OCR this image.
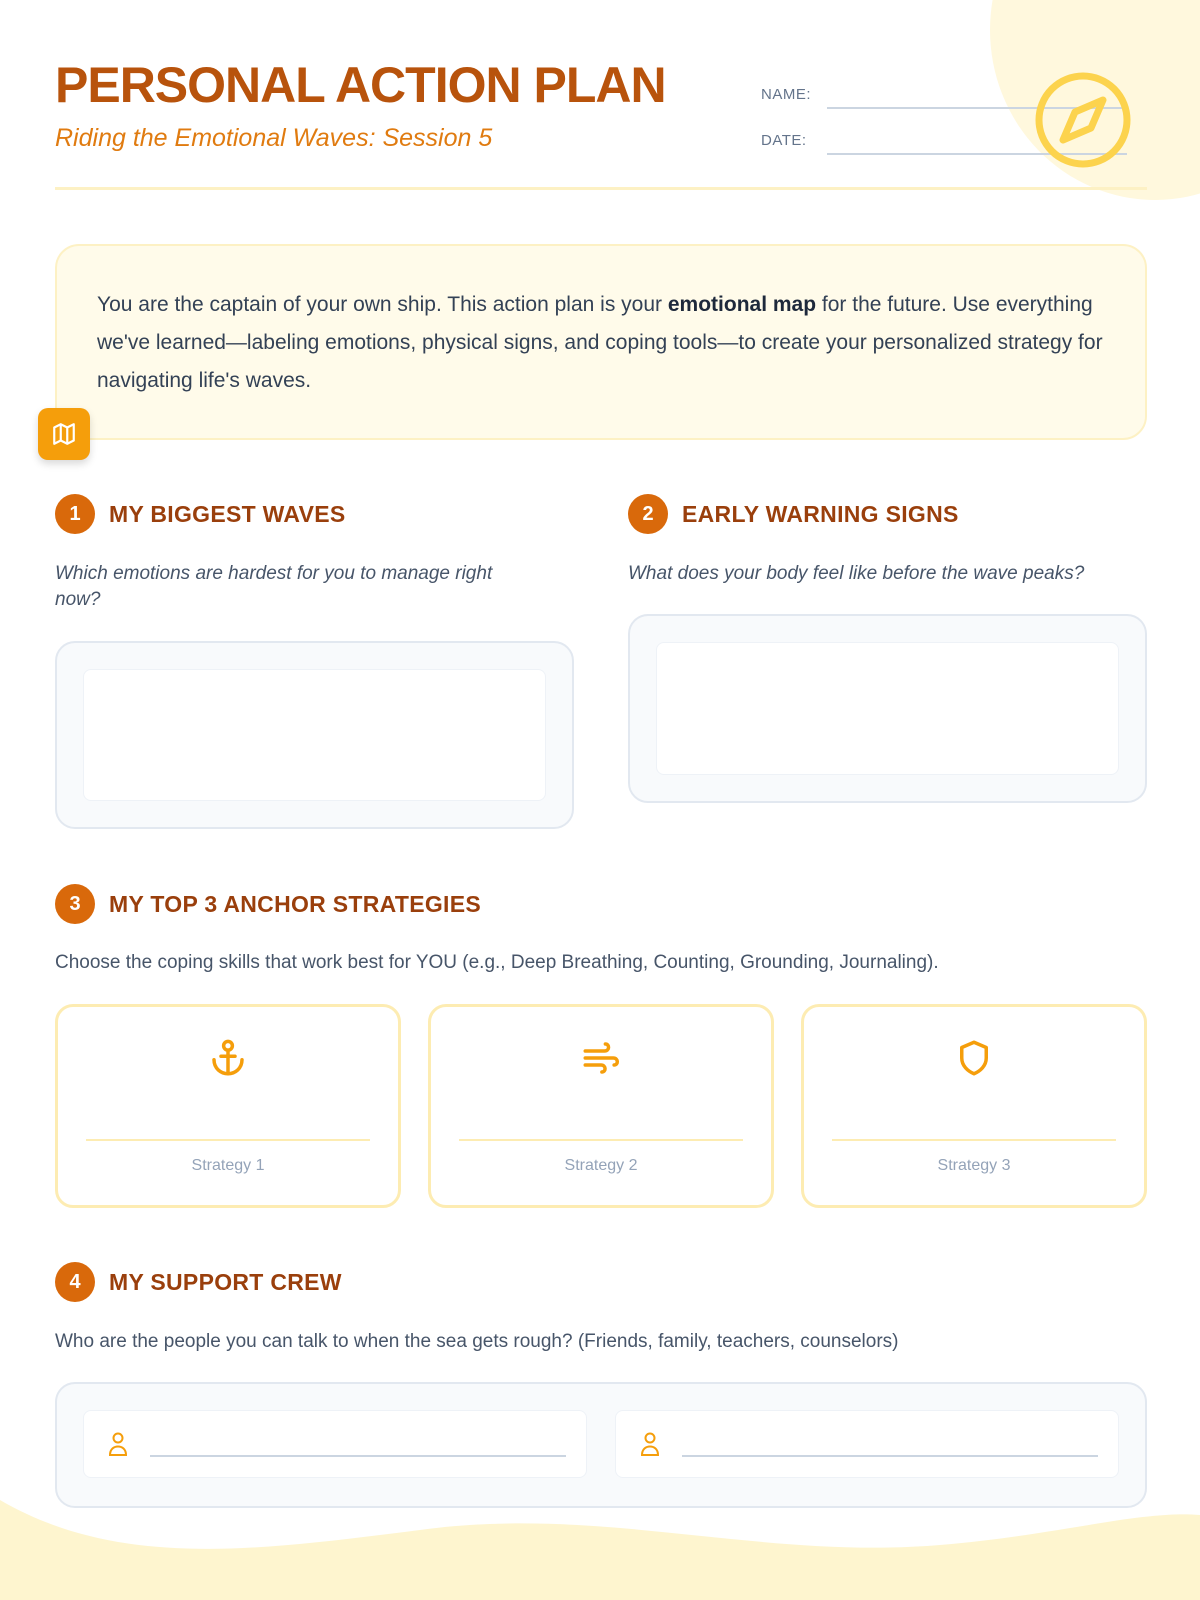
PERSONAL ACTION PLAN
Riding the Emotional Waves: Session 5
NAME:
DATE:
You are the captain of your own ship. This action plan is your emotional map for the future. Use everything we've learned—labeling emotions, physical signs, and coping tools—to create your personalized strategy for navigating life's waves.
1	MY BIGGEST WAVES
Which emotions are hardest for you to manage right now?
2	EARLY WARNING SIGNS
What does your body feel like before the wave peaks?
3	MY TOP 3 ANCHOR STRATEGIES
Choose the coping skills that work best for YOU (e.g., Deep Breathing, Counting, Grounding, Journaling).
Strategy 1	Strategy 2	Strategy 3
4	MY SUPPORT CREW
Who are the people you can talk to when the sea gets rough? (Friends, family, teachers, counselors)
